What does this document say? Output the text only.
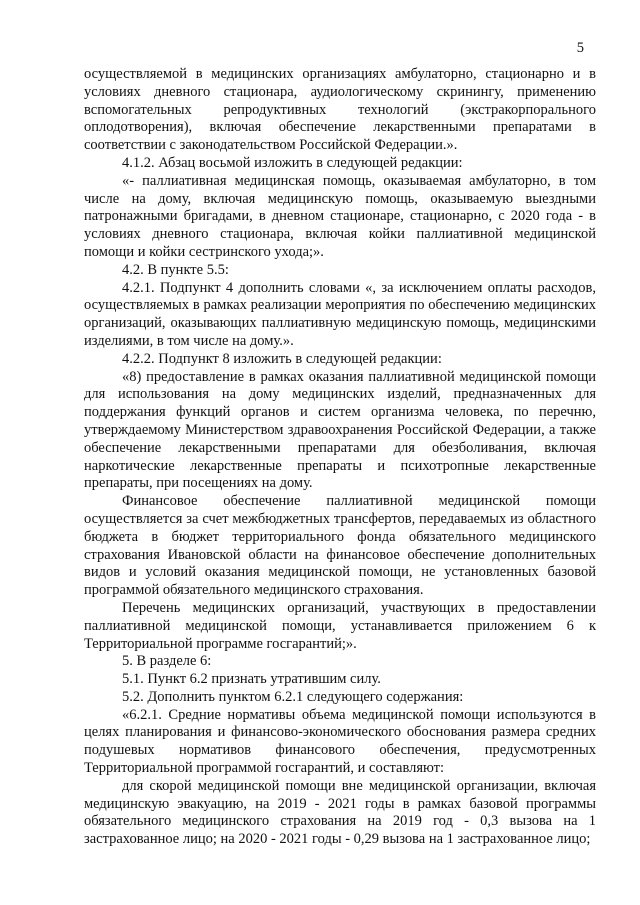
5

осуществляемой в медицинских организациях амбулаторно, стационарно и в условиях дневного стационара, аудиологическому скринингу, применению вспомогательных репродуктивных технологий (экстракорпорального оплодотворения), включая обеспечение лекарственными препаратами в соответствии с законодательством Российской Федерации.».

4.1.2. Абзац восьмой изложить в следующей редакции:

«- паллиативная медицинская помощь, оказываемая амбулаторно, в том числе на дому, включая медицинскую помощь, оказываемую выездными патронажными бригадами, в дневном стационаре, стационарно, с 2020 года - в условиях дневного стационара, включая койки паллиативной медицинской помощи и койки сестринского ухода;».

4.2. В пункте 5.5:

4.2.1. Подпункт 4 дополнить словами «, за исключением оплаты расходов, осуществляемых в рамках реализации мероприятия по обеспечению медицинских организаций, оказывающих паллиативную медицинскую помощь, медицинскими изделиями, в том числе на дому.».

4.2.2. Подпункт 8 изложить в следующей редакции:

«8) предоставление в рамках оказания паллиативной медицинской помощи для использования на дому медицинских изделий, предназначенных для поддержания функций органов и систем организма человека, по перечню, утверждаемому Министерством здравоохранения Российской Федерации, а также обеспечение лекарственными препаратами для обезболивания, включая наркотические лекарственные препараты и психотропные лекарственные препараты, при посещениях на дому.

Финансовое обеспечение паллиативной медицинской помощи осуществляется за счет межбюджетных трансфертов, передаваемых из областного бюджета в бюджет территориального фонда обязательного медицинского страхования Ивановской области на финансовое обеспечение дополнительных видов и условий оказания медицинской помощи, не установленных базовой программой обязательного медицинского страхования.

Перечень медицинских организаций, участвующих в предоставлении паллиативной медицинской помощи, устанавливается приложением 6 к Территориальной программе госгарантий;».

5. В разделе 6:

5.1. Пункт 6.2 признать утратившим силу.

5.2. Дополнить пунктом 6.2.1 следующего содержания:

«6.2.1. Средние нормативы объема медицинской помощи используются в целях планирования и финансово-экономического обоснования размера средних подушевых нормативов финансового обеспечения, предусмотренных Территориальной программой госгарантий, и составляют:

для скорой медицинской помощи вне медицинской организации, включая медицинскую эвакуацию, на 2019 - 2021 годы в рамках базовой программы обязательного медицинского страхования на 2019 год - 0,3 вызова на 1 застрахованное лицо; на 2020 - 2021 годы - 0,29 вызова на 1 застрахованное лицо;
